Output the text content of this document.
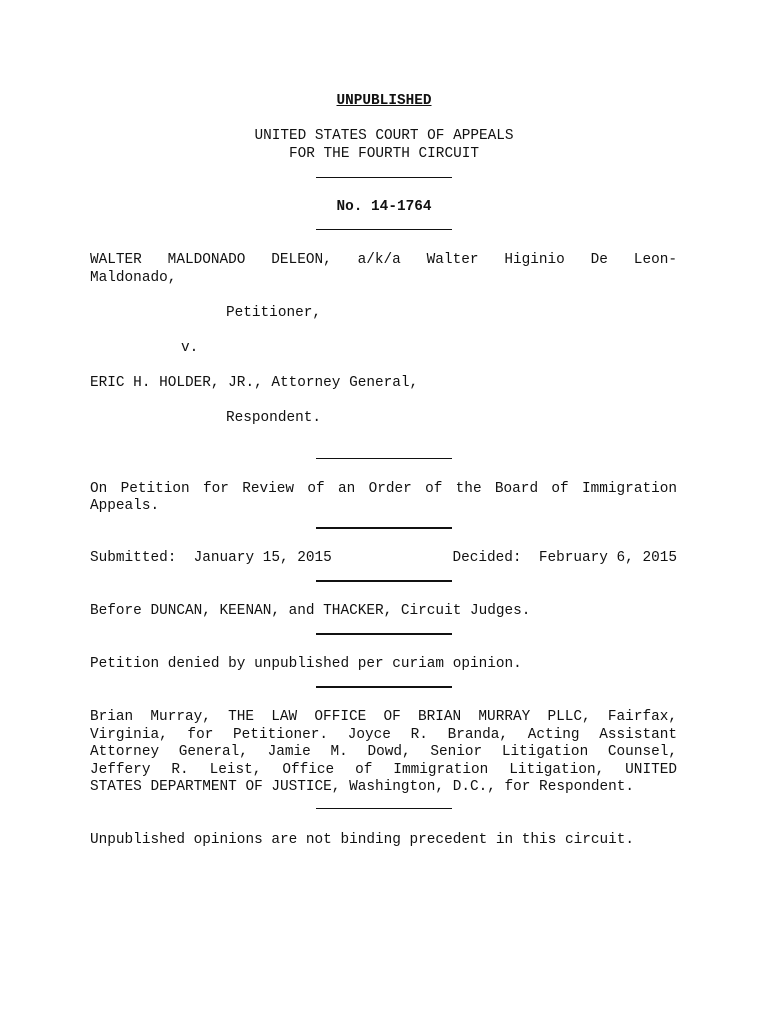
UNPUBLISHED
UNITED STATES COURT OF APPEALS
FOR THE FOURTH CIRCUIT
No. 14-1764
WALTER MALDONADO DELEON, a/k/a Walter Higinio De Leon-
Maldonado,
Petitioner,
v.
ERIC H. HOLDER, JR., Attorney General,
Respondent.
On Petition for Review of an Order of the Board of Immigration
Appeals.
Submitted:  January 15, 2015	Decided:  February 6, 2015
Before DUNCAN, KEENAN, and THACKER, Circuit Judges.
Petition denied by unpublished per curiam opinion.
Brian Murray, THE LAW OFFICE OF BRIAN MURRAY PLLC, Fairfax,
Virginia, for Petitioner. Joyce R. Branda, Acting Assistant
Attorney General, Jamie M. Dowd, Senior Litigation Counsel,
Jeffery R. Leist, Office of Immigration Litigation, UNITED
STATES DEPARTMENT OF JUSTICE, Washington, D.C., for Respondent.
Unpublished opinions are not binding precedent in this circuit.
